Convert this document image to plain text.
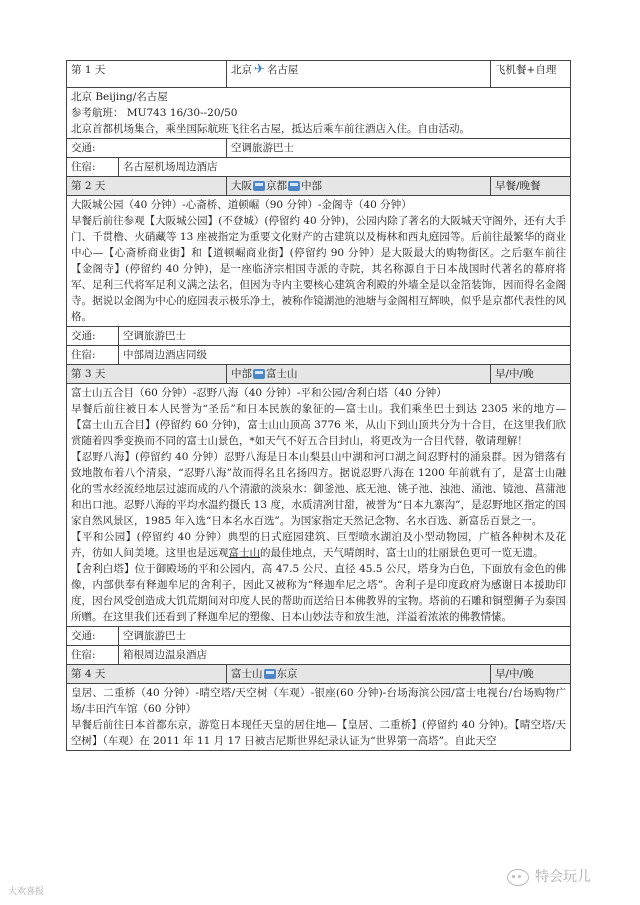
第 1 天		北京 ✈ 名古屋	飞机餐+自理

北京 Beijing/名古屋

参考航班： MU743 16/30--20/50

北京首都机场集合，乘坐国际航班飞往名古屋，抵达后乘车前往酒店入住。自由活动。			

交通:		空调旅游巴士	
住宿:	名古屋机场周边酒店		
第 2 天		大阪 京都 中部	早餐/晚餐

大阪城公园（40 分钟）-心斋桥、道顿崛（90 分钟）-金阁寺（40 分钟）

早餐后前往参观【大阪城公园】(不登城）(停留约 40 分钟)，公园内除了著名的大阪城天守阁外，还有大手门、千贯橹、火硝藏等 13 座被指定为重要文化财产的古建筑以及梅林和西丸庭园等。后前往最繁华的商业中心—【心斋桥商业街】和【道顿崛商业街】(停留约 90 分钟）是大阪最大的购物街区。之后驱车前往【金阁寺】(停留约 40 分钟)，是一座临济宗相国寺派的寺院，其名称源自于日本战国时代著名的幕府将军、足利三代将军足利义满之法名，但因为寺内主要核心建筑舍利殿的外墙全是以金箔装饰，因而得名金阁寺。据说以金阁为中心的庭园表示极乐净土，被称作镜湖池的池塘与金阁相互辉映，似乎是京都代表性的风格。			

交通:	空调旅游巴士		
住宿:	中部周边酒店同级		
第 3 天		中部 富士山	早/中/晚

富士山五合目（60 分钟）-忍野八海（40 分钟）-平和公园/舍利白塔（40 分钟）

早餐后前往被日本人民誉为“圣岳”和日本民族的象征的—富士山。我们乘坐巴士到达 2305 米的地方—【富士山五合目】(停留约 60 分钟)，富士山山顶高 3776 米，从山下到山顶共分为十合目，在这里我们欣赏随着四季变换而不同的富士山景色，*如天气不好五合目封山，将更改为一合目代替，敬请理解！

【忍野八海】(停留约 40 分钟）忍野八海是日本山梨县山中湖和河口湖之间忍野村的涌泉群。因为错落有致地散布着八个清泉，“忍野八海”故而得名且名扬四方。据说忍野八海在 1200 年前就有了，是富士山融化的雪水经流经地层过滤而成的八个清澈的淡泉水：御釜池、底无池、铫子池、浊池、涌池、镜池、菖蒲池和出口池。忍野八海的平均水温约摄氏 13 度，水质清冽甘甜，被誉为“日本九寨沟”，是忍野地区指定的国家自然风景区，1985 年入选“日本名水百选”。为国家指定天然记念物、名水百选、新富岳百景之一。

【平和公园】(停留约 40 分钟）典型的日式庭园建筑、巨型喷水湖泊及小型动物园，广植各种树木及花卉，彷如人间美境。这里也是远观富士山的最佳地点，天气晴朗时，富士山的壮丽景色更可一览无遗。

【舍利白塔】位于御殿场的平和公园内，高 47.5 公尺、直径 45.5 公尺，塔身为白色，下面放有金色的佛像，内部供奉有释迦牟尼的舍利子，因此又被称为“释迦牟尼之塔”。舍利子是印度政府为感谢日本援助印度，因台风受创造成大饥荒期间对印度人民的帮助而送给日本佛教界的宝物。塔前的石雕和铜塑狮子为泰国所赠。在这里我们还看到了释迦牟尼的塑像、日本山妙法寺和放生池，洋溢着浓浓的佛教情愫。			

交通:	空调旅游巴士		
住宿:	箱根周边温泉酒店		
第 4 天		富士山 东京	早/中/晚

皇居、二重桥（40 分钟）-晴空塔/天空树（车观）-银座(60 分钟)-台场海滨公园/富士电视台/台场购物广场/丰田汽车馆（60 分钟）

早餐后前往日本首都东京，游览日本现任天皇的居住地—【皇居、二重桥】(停留约 40 分钟)。【晴空塔/天空树】（车观）在 2011 年 11 月 17 日被吉尼斯世界纪录认证为“世界第一高塔”。自此天空			

大欢喜报
特会玩儿
